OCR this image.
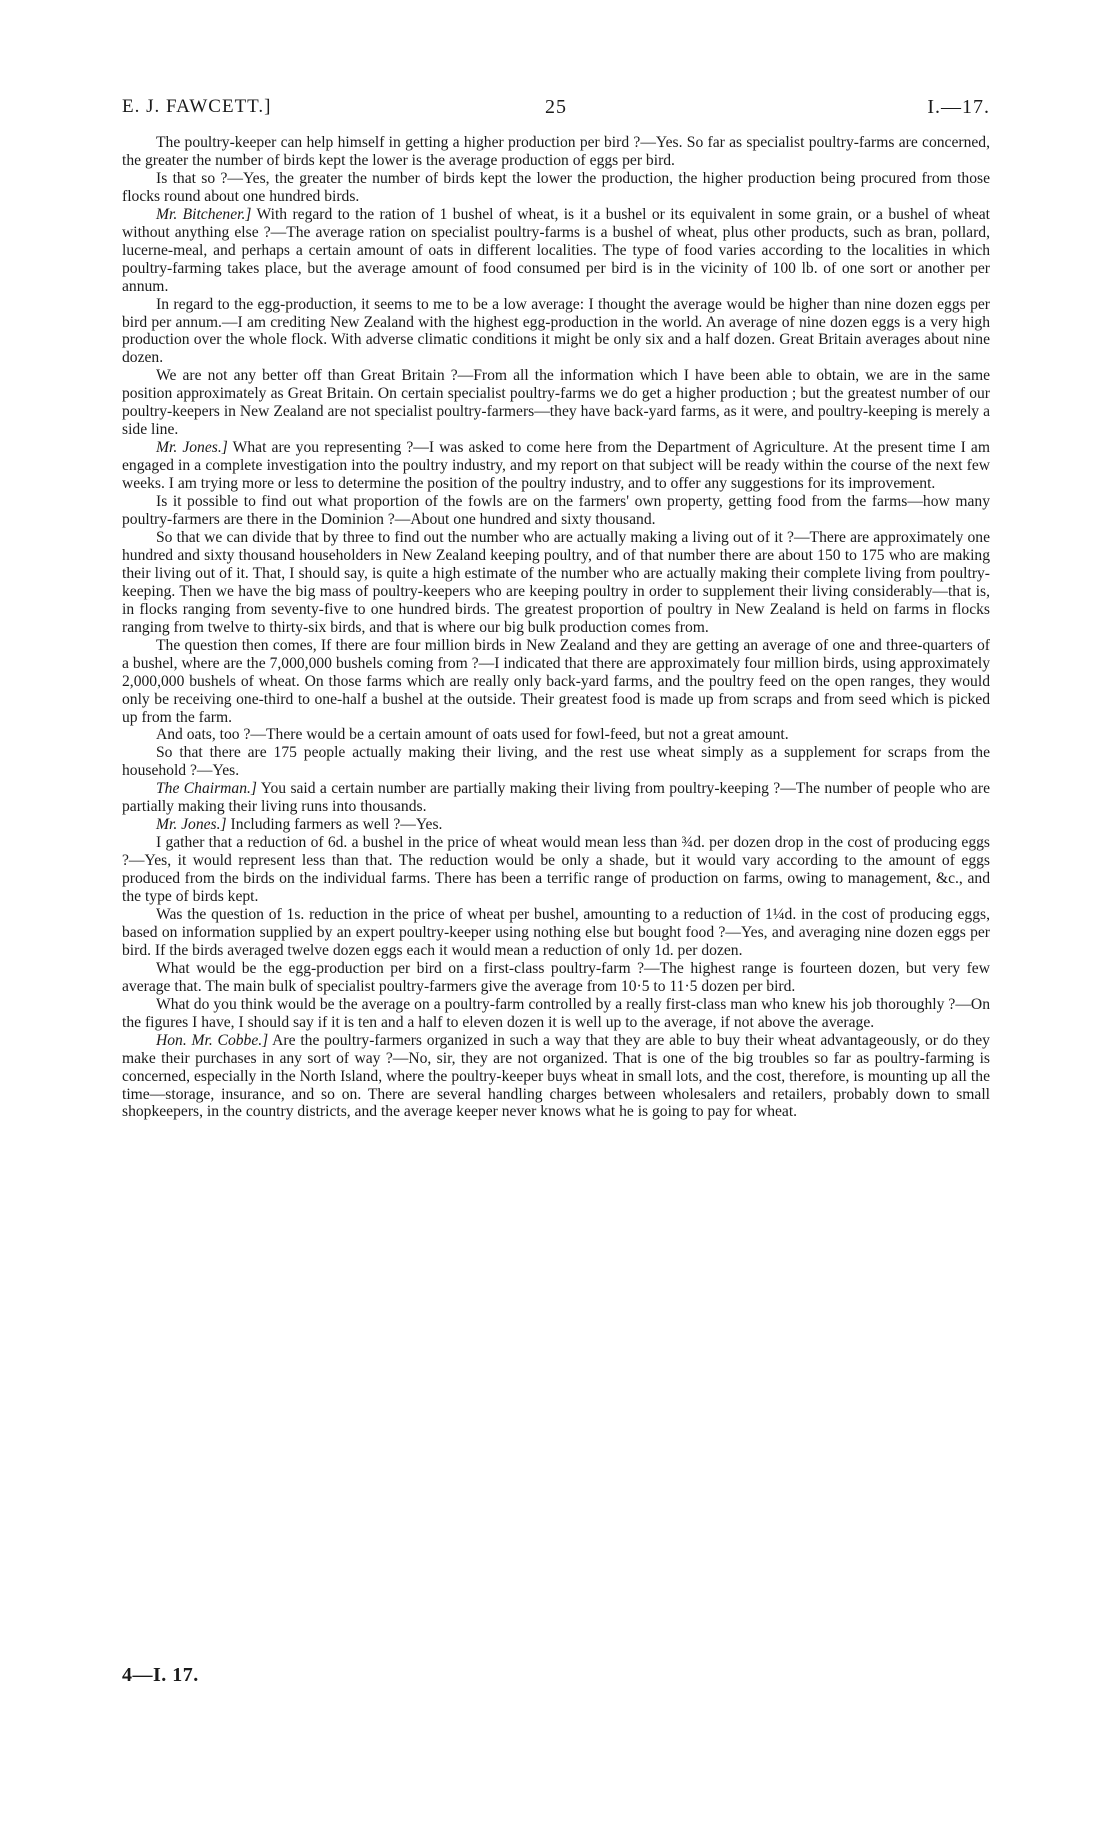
E. J. FAWCETT.]	25	I.—17.

The poultry-keeper can help himself in getting a higher production per bird ?—Yes. So far as specialist poultry-farms are concerned, the greater the number of birds kept the lower is the average production of eggs per bird.

Is that so ?—Yes, the greater the number of birds kept the lower the production, the higher production being procured from those flocks round about one hundred birds.

Mr. Bitchener.] With regard to the ration of 1 bushel of wheat, is it a bushel or its equivalent in some grain, or a bushel of wheat without anything else ?—The average ration on specialist poultry-farms is a bushel of wheat, plus other products, such as bran, pollard, lucerne-meal, and perhaps a certain amount of oats in different localities. The type of food varies according to the localities in which poultry-farming takes place, but the average amount of food consumed per bird is in the vicinity of 100 lb. of one sort or another per annum.

In regard to the egg-production, it seems to me to be a low average: I thought the average would be higher than nine dozen eggs per bird per annum.—I am crediting New Zealand with the highest egg-production in the world. An average of nine dozen eggs is a very high production over the whole flock. With adverse climatic conditions it might be only six and a half dozen. Great Britain averages about nine dozen.

We are not any better off than Great Britain ?—From all the information which I have been able to obtain, we are in the same position approximately as Great Britain. On certain specialist poultry-farms we do get a higher production ; but the greatest number of our poultry-keepers in New Zealand are not specialist poultry-farmers—they have back-yard farms, as it were, and poultry-keeping is merely a side line.

Mr. Jones.] What are you representing ?—I was asked to come here from the Department of Agriculture. At the present time I am engaged in a complete investigation into the poultry industry, and my report on that subject will be ready within the course of the next few weeks. I am trying more or less to determine the position of the poultry industry, and to offer any suggestions for its improvement.

Is it possible to find out what proportion of the fowls are on the farmers' own property, getting food from the farms—how many poultry-farmers are there in the Dominion ?—About one hundred and sixty thousand.

So that we can divide that by three to find out the number who are actually making a living out of it ?—There are approximately one hundred and sixty thousand householders in New Zealand keeping poultry, and of that number there are about 150 to 175 who are making their living out of it. That, I should say, is quite a high estimate of the number who are actually making their complete living from poultry-keeping. Then we have the big mass of poultry-keepers who are keeping poultry in order to supplement their living considerably—that is, in flocks ranging from seventy-five to one hundred birds. The greatest proportion of poultry in New Zealand is held on farms in flocks ranging from twelve to thirty-six birds, and that is where our big bulk production comes from.

The question then comes, If there are four million birds in New Zealand and they are getting an average of one and three-quarters of a bushel, where are the 7,000,000 bushels coming from ?—I indicated that there are approximately four million birds, using approximately 2,000,000 bushels of wheat. On those farms which are really only back-yard farms, and the poultry feed on the open ranges, they would only be receiving one-third to one-half a bushel at the outside. Their greatest food is made up from scraps and from seed which is picked up from the farm.

And oats, too ?—There would be a certain amount of oats used for fowl-feed, but not a great amount.

So that there are 175 people actually making their living, and the rest use wheat simply as a supplement for scraps from the household ?—Yes.

The Chairman.] You said a certain number are partially making their living from poultry-keeping ?—The number of people who are partially making their living runs into thousands.

Mr. Jones.] Including farmers as well ?—Yes.

I gather that a reduction of 6d. a bushel in the price of wheat would mean less than ¾d. per dozen drop in the cost of producing eggs ?—Yes, it would represent less than that. The reduction would be only a shade, but it would vary according to the amount of eggs produced from the birds on the individual farms. There has been a terrific range of production on farms, owing to management, &c., and the type of birds kept.

Was the question of 1s. reduction in the price of wheat per bushel, amounting to a reduction of 1¼d. in the cost of producing eggs, based on information supplied by an expert poultry-keeper using nothing else but bought food ?—Yes, and averaging nine dozen eggs per bird. If the birds averaged twelve dozen eggs each it would mean a reduction of only 1d. per dozen.

What would be the egg-production per bird on a first-class poultry-farm ?—The highest range is fourteen dozen, but very few average that. The main bulk of specialist poultry-farmers give the average from 10·5 to 11·5 dozen per bird.

What do you think would be the average on a poultry-farm controlled by a really first-class man who knew his job thoroughly ?—On the figures I have, I should say if it is ten and a half to eleven dozen it is well up to the average, if not above the average.

Hon. Mr. Cobbe.] Are the poultry-farmers organized in such a way that they are able to buy their wheat advantageously, or do they make their purchases in any sort of way ?—No, sir, they are not organized. That is one of the big troubles so far as poultry-farming is concerned, especially in the North Island, where the poultry-keeper buys wheat in small lots, and the cost, therefore, is mounting up all the time—storage, insurance, and so on. There are several handling charges between wholesalers and retailers, probably down to small shopkeepers, in the country districts, and the average keeper never knows what he is going to pay for wheat.

4—I. 17.
